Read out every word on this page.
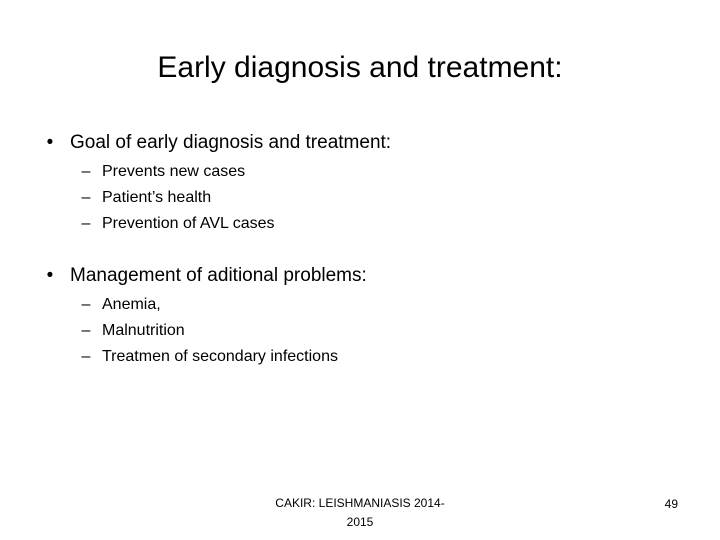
Early diagnosis and treatment:
• Goal of early diagnosis and treatment:
– Prevents new cases
– Patient’s health
– Prevention of AVL cases
• Management of aditional problems:
– Anemia,
– Malnutrition
– Treatmen of secondary infections
CAKIR: LEISHMANIASIS 2014-
2015
49
